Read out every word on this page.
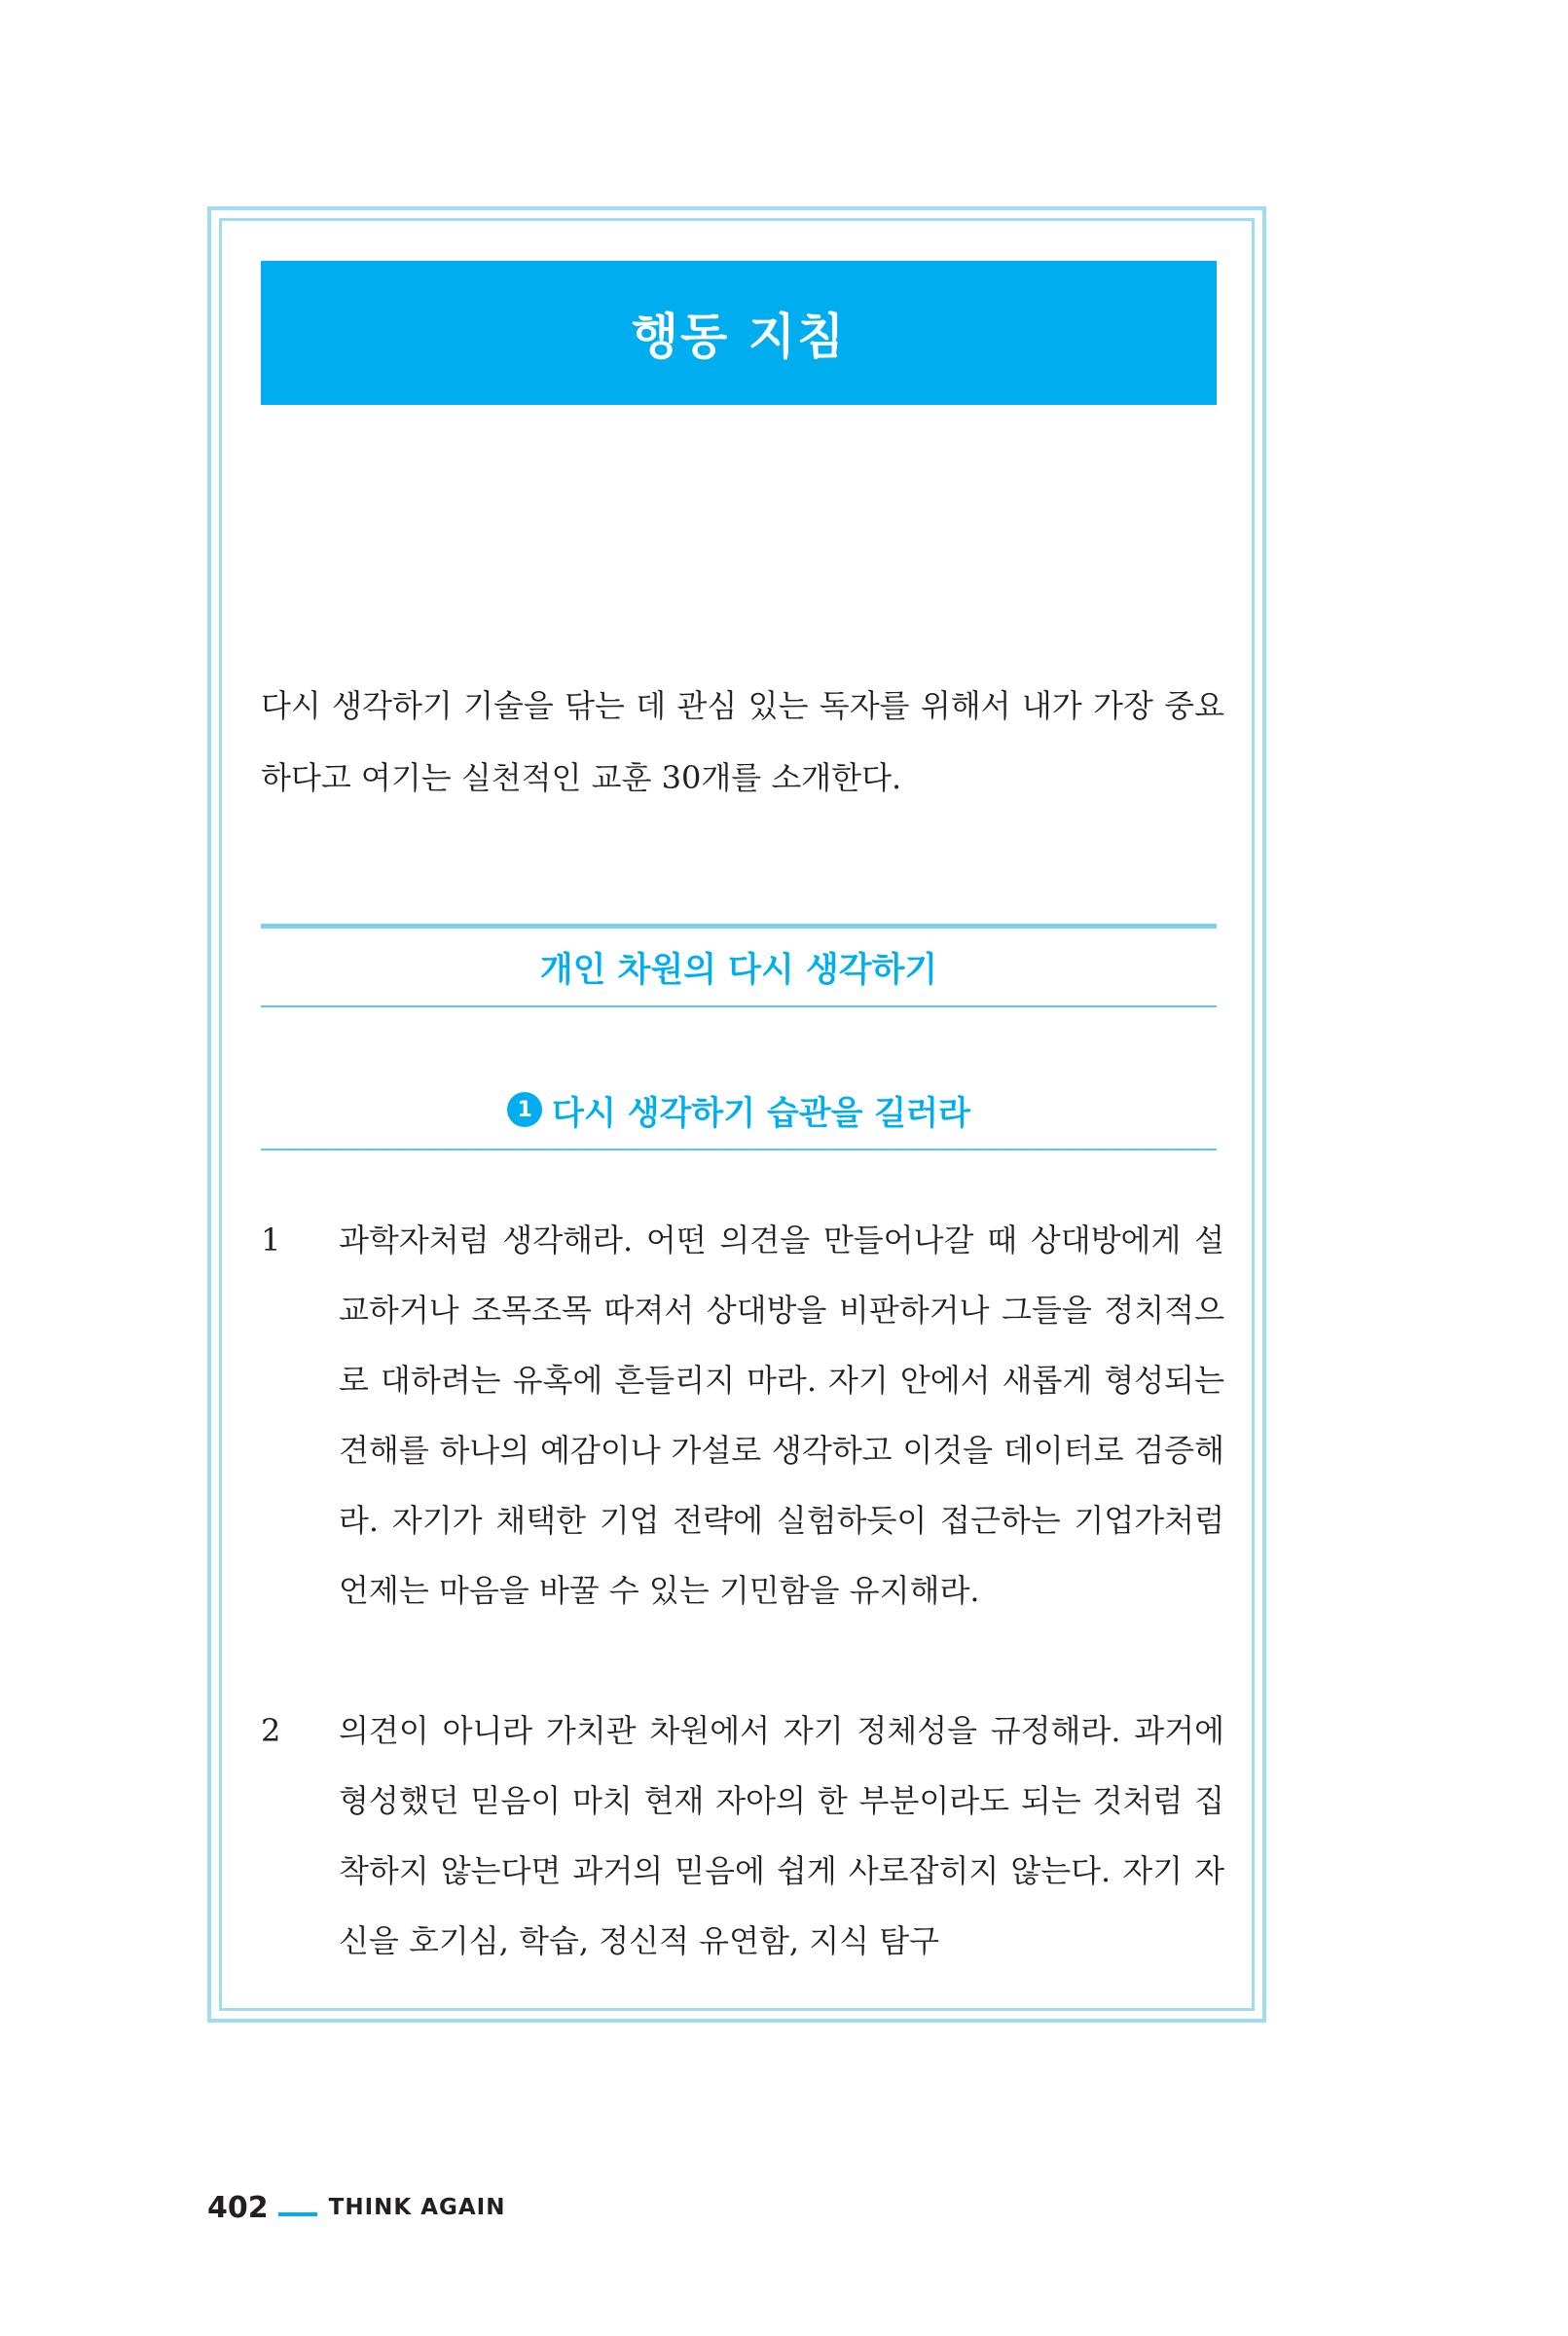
행동 지침
다시 생각하기 기술을 닦는 데 관심 있는 독자를 위해서 내가 가장 중요하다고 여기는 실천적인 교훈 30개를 소개한다.
개인 차원의 다시 생각하기
1 다시 생각하기 습관을 길러라
1	과학자처럼 생각해라. 어떤 의견을 만들어나갈 때 상대방에게 설교하거나 조목조목 따져서 상대방을 비판하거나 그들을 정치적으로 대하려는 유혹에 흔들리지 마라. 자기 안에서 새롭게 형성되는 견해를 하나의 예감이나 가설로 생각하고 이것을 데이터로 검증해라. 자기가 채택한 기업 전략에 실험하듯이 접근하는 기업가처럼 언제는 마음을 바꿀 수 있는 기민함을 유지해라.
2	의견이 아니라 가치관 차원에서 자기 정체성을 규정해라. 과거에 형성했던 믿음이 마치 현재 자아의 한 부분이라도 되는 것처럼 집착하지 않는다면 과거의 믿음에 쉽게 사로잡히지 않는다. 자기 자신을 호기심, 학습, 정신적 유연함, 지식 탐구
402	THINK AGAIN
